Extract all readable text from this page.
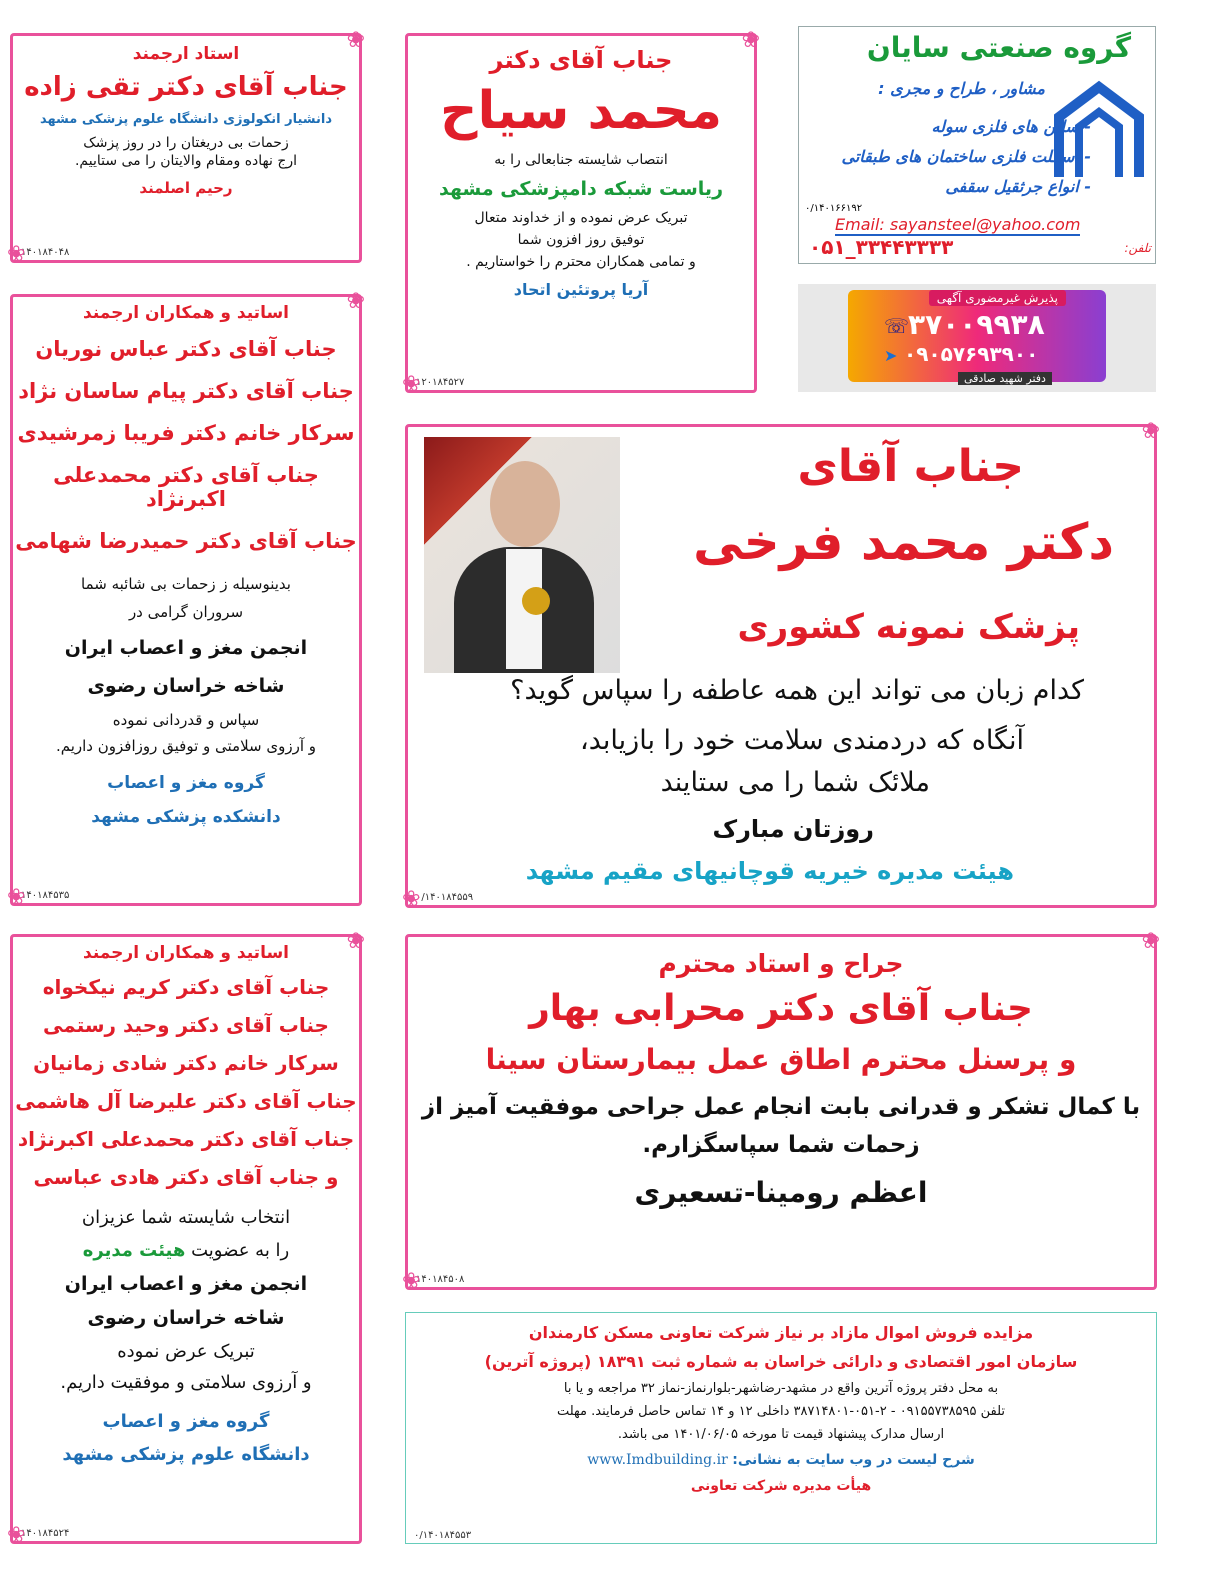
❀ استاد ارجمند

جناب آقای دکتر تقی زاده

دانشیار انکولوژی دانشگاه علوم پزشکی مشهد

زحمات بی دریغتان را در روز پزشک

ارج نهاده ومقام والایتان را می ستاییم.

رحیم اصلمند

۱۴۰۱۸۴۰۴۸
❀

❀ جناب آقای دکتر

محمد سیاح

انتصاب شایسته جنابعالی را به

ریاست شبکه دامپزشکی مشهد

تبریک عرض نموده و از خداوند متعال

توفیق روز افزون شما

و تمامی همکاران محترم را خواستاریم .

آریا پروتئین اتحاد

۱۲۰۱۸۴۵۲۷
❀

گروه صنعتی سایان

مشاور ، طراح و مجری :

- سالن های فلزی سوله

- اسکلت فلزی ساختمان های طبقاتی

- انواع جرثقیل سقفی

۰/۱۴۰۱۶۶۱۹۲

Email: sayansteel@yahoo.com

تلفن:

۰۵۱_۳۳۴۴۳۳۳۳

پذیرش غیرمضوری آگهی

☏

۳۷۰۰۹۹۳۸

➤ ۰۹۰۵۷۶۹۳۹۰۰

دفتر شهید صادقی

❀ اساتید و همکاران ارجمند

جناب آقای دکتر عباس نوریان

جناب آقای دکتر پیام ساسان نژاد

سرکار خانم دکتر فریبا زمرشیدی

جناب آقای دکتر محمدعلی اکبرنژاد

جناب آقای دکتر حمیدرضا شهامی

بدینوسیله ز زحمات بی شائبه شما

سروران گرامی در

انجمن مغز و اعصاب ایران

شاخه خراسان رضوی

سپاس و قدردانی نموده

و آرزوی سلامتی و توفیق روزافزون داریم.

گروه مغز و اعصاب

دانشکده پزشکی مشهد

۱۴۰۱۸۴۵۳۵
❀

❀ جناب آقای

دکتر محمد فرخی

پزشک نمونه کشوری

کدام زبان می تواند این همه عاطفه را سپاس گوید؟

آنگاه که دردمندی سلامت خود را بازیابد،

ملائک شما را می ستایند

روزتان مبارک

هیئت مدیره خیریه قوچانیهای مقیم مشهد

۰/۱۴۰۱۸۴۵۵۹
❀

❀ اساتید و همکاران ارجمند

جناب آقای دکتر کریم نیکخواه

جناب آقای دکتر وحید رستمی

سرکار خانم دکتر شادی زمانیان

جناب آقای دکتر علیرضا آل هاشمی

جناب آقای دکتر محمدعلی اکبرنژاد

و جناب آقای دکتر هادی عباسی

انتخاب شایسته شما عزیزان

را به عضویت هیئت مدیره

انجمن مغز و اعصاب ایران

شاخه خراسان رضوی

تبریک عرض نموده

و آرزوی سلامتی و موفقیت داریم.

گروه مغز و اعصاب

دانشگاه علوم پزشکی مشهد

۱۴۰۱۸۴۵۲۴
❀

❀ جراح و استاد محترم

جناب آقای دکتر محرابی بهار

و پرسنل محترم اطاق عمل بیمارستان سینا

با کمال تشکر و قدرانی بابت انجام عمل جراحی موفقیت آمیز از

زحمات شما سپاسگزارم.

اعظم رومینا-تسعیری

۱۴۰۱۸۴۵۰۸
❀

مزایده فروش اموال مازاد بر نیاز شرکت تعاونی مسکن کارمندان

سازمان امور اقتصادی و دارائی خراسان به شماره ثبت ۱۸۳۹۱ (پروژه آترین)

به محل دفتر پروژه آترین واقع در مشهد-رضاشهر-بلوارنماز-نماز ۳۲ مراجعه و یا با

تلفن ۰۹۱۵۵۷۳۸۵۹۵ - ۲-۰۵۱-۳۸۷۱۴۸۰۱ داخلی ۱۲ و ۱۴ تماس حاصل فرمایند. مهلت

ارسال مدارک پیشنهاد قیمت تا مورخه ۱۴۰۱/۰۶/۰۵ می باشد.

شرح لیست در وب سایت به نشانی: www.Imdbuilding.ir

هیأت مدیره شرکت تعاونی

۰/۱۴۰۱۸۴۵۵۳
